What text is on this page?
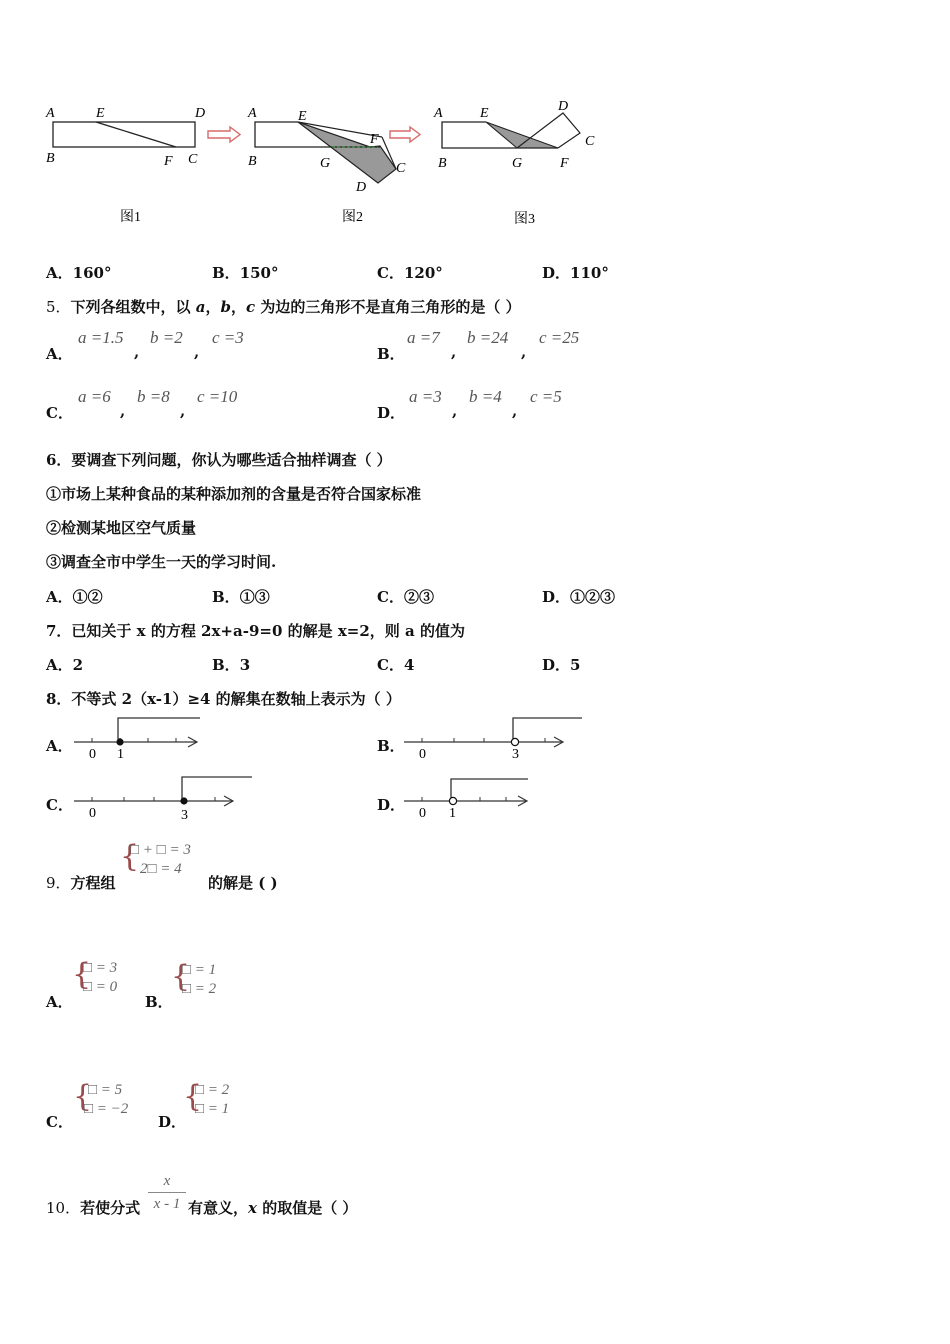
A	E	D
B	F C
图1
A	E
F
B	G	C
D
图2
A	E	D
C
B	G	F
图3
A．160°	B．150°	C．120°	D．110°
5．下列各组数中，以 a，b，c 为边的三角形不是直角三角形的是（ ）
A．
a =1.5
,
b =2
,
c =3
B．
a =7
,
b =24
,
c =25
C．
a =6
,
b =8
,
c =10
D．
a =3
,
b =4
,
c =5
6．要调查下列问题，你认为哪些适合抽样调查（ ）
①市场上某种食品的某种添加剂的含量是否符合国家标准
②检测某地区空气质量
③调查全市中学生一天的学习时间.
A．①②	B．①③	C．②③	D．①②③
7．已知关于 x 的方程 2x+a-9=0 的解是 x=2，则 a 的值为
A．2	B．3	C．4	D．5
8．不等式 2（x-1）≥4 的解集在数轴上表示为（ ）
A． 0 1	B． 0	3
C． 0	3
D． 0 1
9．方程组
{
□ + □ = 3
2□ = 4
的解是 ( )
A．
{
□ = 3
□ = 0
B．
{
□ = 1
□ = 2
C．
{
□ = 5
□ = −2
D．
{
□ = 2
□ = 1
10．若使分式
x
x - 1 有意义，x 的取值是（ ）
